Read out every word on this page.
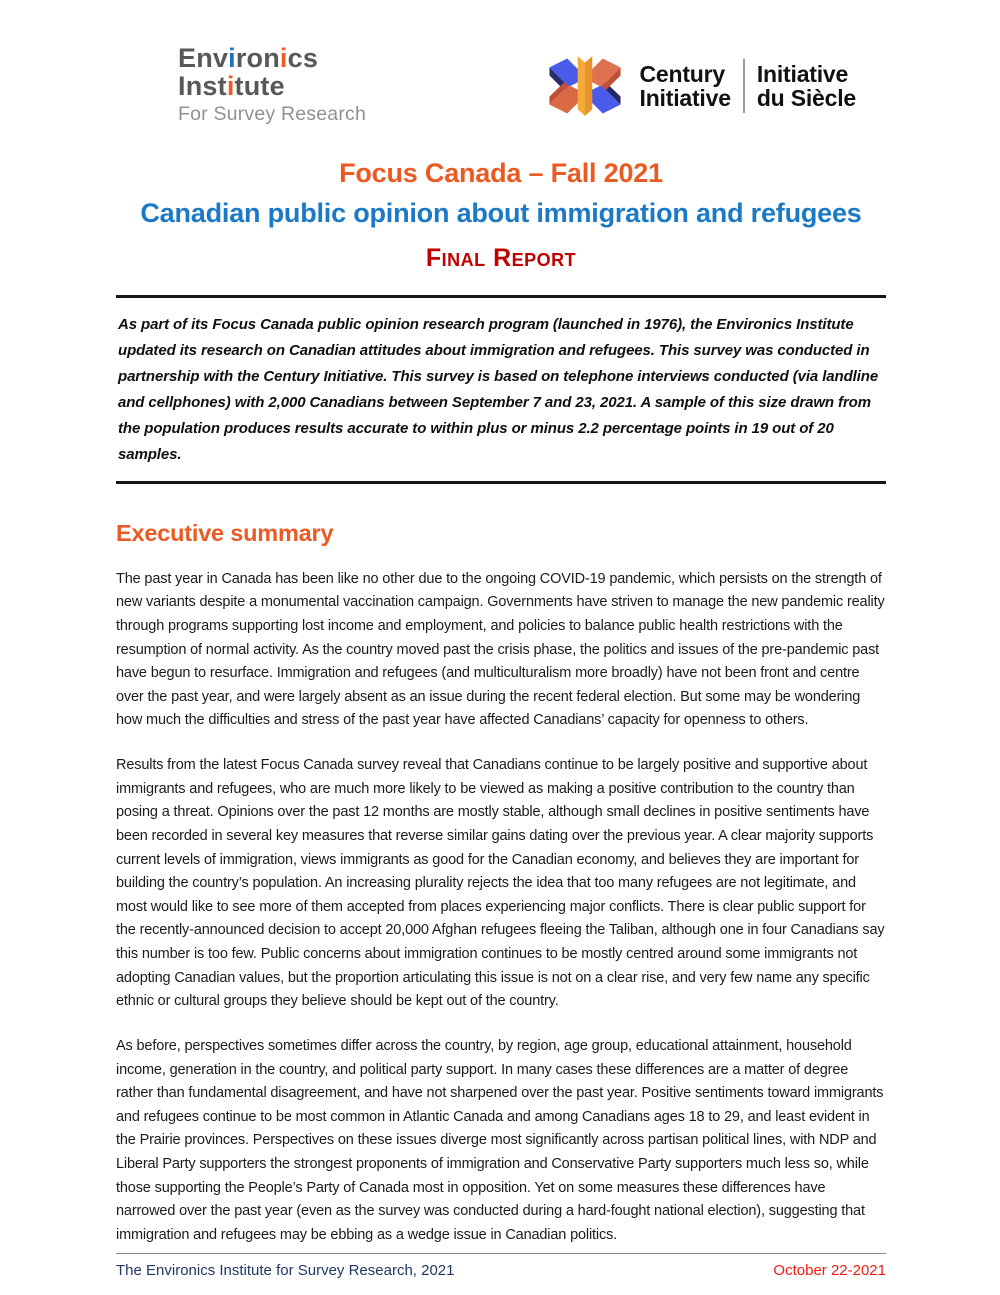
Environics
Institute
For Survey Research
Century
Initiative
Initiative
du Siècle
Focus Canada – Fall 2021
Canadian public opinion about immigration and refugees
Final Report

As part of its Focus Canada public opinion research program (launched in 1976), the Environics Institute updated its research on Canadian attitudes about immigration and refugees. This survey was conducted in partnership with the Century Initiative. This survey is based on telephone interviews conducted (via landline and cellphones) with 2,000 Canadians between September 7 and 23, 2021. A sample of this size drawn from the population produces results accurate to within plus or minus 2.2 percentage points in 19 out of 20 samples.

Executive summary

The past year in Canada has been like no other due to the ongoing COVID-19 pandemic, which persists on the strength of new variants despite a monumental vaccination campaign. Governments have striven to manage the new pandemic reality through programs supporting lost income and employment, and policies to balance public health restrictions with the resumption of normal activity. As the country moved past the crisis phase, the politics and issues of the pre-pandemic past have begun to resurface. Immigration and refugees (and multiculturalism more broadly) have not been front and centre over the past year, and were largely absent as an issue during the recent federal election. But some may be wondering how much the difficulties and stress of the past year have affected Canadians’ capacity for openness to others.

Results from the latest Focus Canada survey reveal that Canadians continue to be largely positive and supportive about immigrants and refugees, who are much more likely to be viewed as making a positive contribution to the country than posing a threat. Opinions over the past 12 months are mostly stable, although small declines in positive sentiments have been recorded in several key measures that reverse similar gains dating over the previous year. A clear majority supports current levels of immigration, views immigrants as good for the Canadian economy, and believes they are important for building the country’s population. An increasing plurality rejects the idea that too many refugees are not legitimate, and most would like to see more of them accepted from places experiencing major conflicts. There is clear public support for the recently-announced decision to accept 20,000 Afghan refugees fleeing the Taliban, although one in four Canadians say this number is too few. Public concerns about immigration continues to be mostly centred around some immigrants not adopting Canadian values, but the proportion articulating this issue is not on a clear rise, and very few name any specific ethnic or cultural groups they believe should be kept out of the country.

As before, perspectives sometimes differ across the country, by region, age group, educational attainment, household income, generation in the country, and political party support. In many cases these differences are a matter of degree rather than fundamental disagreement, and have not sharpened over the past year. Positive sentiments toward immigrants and refugees continue to be most common in Atlantic Canada and among Canadians ages 18 to 29, and least evident in the Prairie provinces. Perspectives on these issues diverge most significantly across partisan political lines, with NDP and Liberal Party supporters the strongest proponents of immigration and Conservative Party supporters much less so, while those supporting the People’s Party of Canada most in opposition. Yet on some measures these differences have narrowed over the past year (even as the survey was conducted during a hard-fought national election), suggesting that immigration and refugees may be ebbing as a wedge issue in Canadian politics.

The Environics Institute for Survey Research, 2021	October 22-2021
